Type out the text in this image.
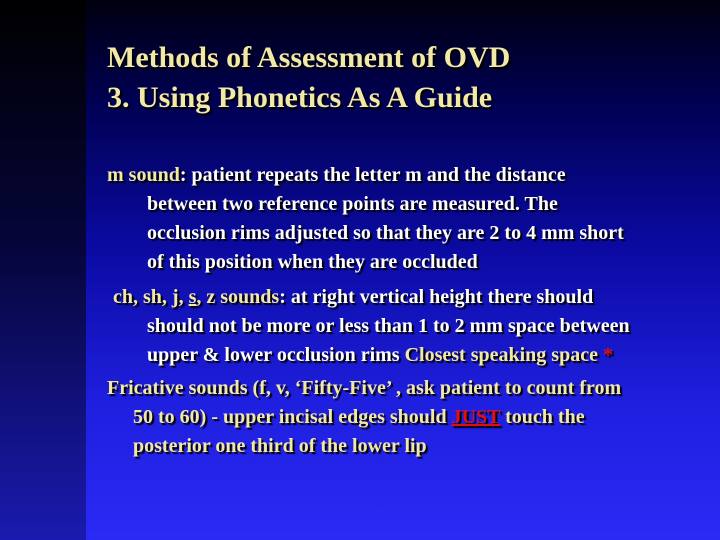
Methods of Assessment of OVD
3. Using Phonetics As A Guide
m sound: patient repeats the letter m and the distance
between two reference points are measured. The
occlusion rims adjusted so that they are 2 to 4 mm short
of this position when they are occluded
ch, sh, j, s, z sounds: at right vertical height there should
should not be more or less than 1 to 2 mm space between
upper & lower occlusion rims Closest speaking space *
Fricative sounds (f, v, ‘Fifty-Five’ , ask patient to count from
50 to 60) - upper incisal edges should JUST touch the
posterior one third of the lower lip
